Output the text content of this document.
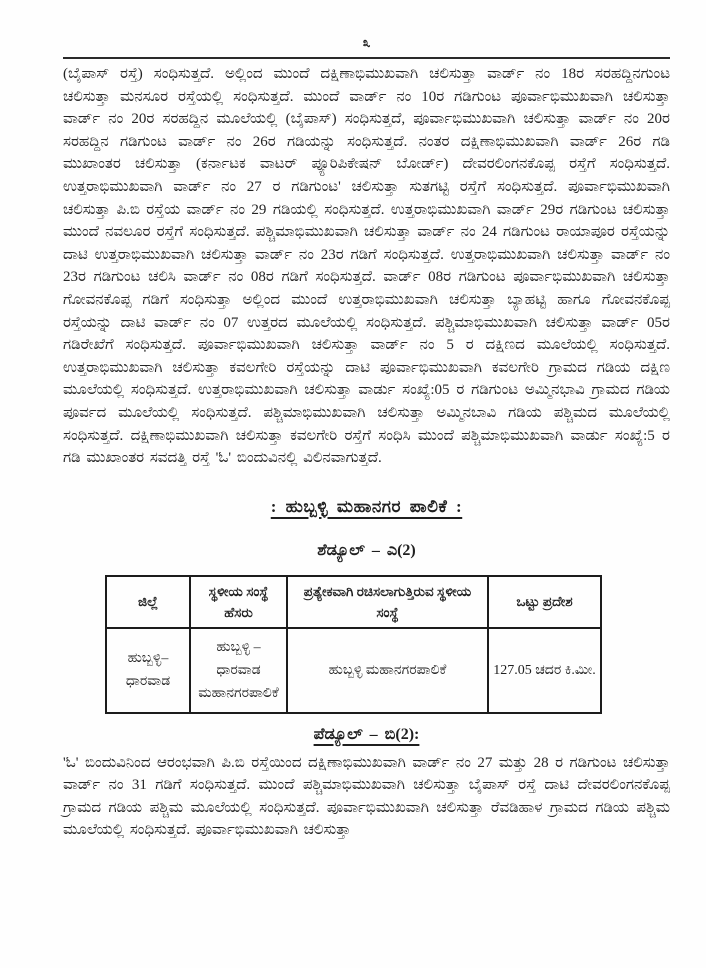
೩

(ಬೈಪಾಸ್ ರಸ್ತೆ) ಸಂಧಿಸುತ್ತದೆ. ಅಲ್ಲಿಂದ ಮುಂದೆ ದಕ್ಷಿಣಾಭಿಮುಖವಾಗಿ ಚಲಿಸುತ್ತಾ ವಾರ್ಡ್ ನಂ 18ರ ಸರಹದ್ದಿನಗುಂಟ ಚಲಿಸುತ್ತಾ ಮನಸೂರ ರಸ್ತೆಯಲ್ಲಿ ಸಂಧಿಸುತ್ತದೆ. ಮುಂದೆ ವಾರ್ಡ್ ನಂ 10ರ ಗಡಿಗುಂಟ ಪೂರ್ವಾಭಿಮುಖವಾಗಿ ಚಲಿಸುತ್ತಾ ವಾರ್ಡ್ ನಂ 20ರ ಸರಹದ್ದಿನ ಮೂಲೆಯಲ್ಲಿ (ಬೈಪಾಸ್) ಸಂಧಿಸುತ್ತದೆ, ಪೂರ್ವಾಭಿಮುಖವಾಗಿ ಚಲಿಸುತ್ತಾ ವಾರ್ಡ್ ನಂ 20ರ ಸರಹದ್ದಿನ ಗಡಿಗುಂಟ ವಾರ್ಡ್ ನಂ 26ರ ಗಡಿಯನ್ನು ಸಂಧಿಸುತ್ತದೆ. ನಂತರ ದಕ್ಷಿಣಾಭಿಮುಖವಾಗಿ ವಾರ್ಡ್ 26ರ ಗಡಿ ಮುಖಾಂತರ ಚಲಿಸುತ್ತಾ (ಕರ್ನಾಟಕ ವಾಟರ್ ಪ್ಯೂರಿಪಿಕೇಷನ್ ಬೋರ್ಡ್) ದೇವರಲಿಂಗನಕೊಪ್ಪ ರಸ್ತೆಗೆ ಸಂಧಿಸುತ್ತದೆ. ಉತ್ತರಾಭಿಮುಖವಾಗಿ ವಾರ್ಡ್ ನಂ 27 ರ ಗಡಿಗುಂಟ' ಚಲಿಸುತ್ತಾ ಸುತಗಟ್ಟಿ ರಸ್ತೆಗೆ ಸಂಧಿಸುತ್ತದೆ. ಪೂರ್ವಾಭಿಮುಖವಾಗಿ ಚಲಿಸುತ್ತಾ ಪಿ.ಬಿ ರಸ್ತೆಯ ವಾರ್ಡ್ ನಂ 29 ಗಡಿಯಲ್ಲಿ ಸಂಧಿಸುತ್ತದೆ. ಉತ್ತರಾಭಿಮುಖವಾಗಿ ವಾರ್ಡ್ 29ರ ಗಡಿಗುಂಟ ಚಲಿಸುತ್ತಾ ಮುಂದೆ ನವಲೂರ ರಸ್ತೆಗೆ ಸಂಧಿಸುತ್ತದೆ. ಪಶ್ಚಿಮಾಭಿಮುಖವಾಗಿ ಚಲಿಸುತ್ತಾ ವಾರ್ಡ್ ನಂ 24 ಗಡಿಗುಂಟ ರಾಯಾಪೂರ ರಸ್ತೆಯನ್ನು ದಾಟಿ ಉತ್ತರಾಭಿಮುಖವಾಗಿ ಚಲಿಸುತ್ತಾ ವಾರ್ಡ್ ನಂ 23ರ ಗಡಿಗೆ ಸಂಧಿಸುತ್ತದೆ. ಉತ್ತರಾಭಿಮುಖವಾಗಿ ಚಲಿಸುತ್ತಾ ವಾರ್ಡ್ ನಂ 23ರ ಗಡಿಗುಂಟ ಚಲಿಸಿ ವಾರ್ಡ್ ನಂ 08ರ ಗಡಿಗೆ ಸಂಧಿಸುತ್ತದೆ. ವಾರ್ಡ್ 08ರ ಗಡಿಗುಂಟ ಪೂರ್ವಾಭಿಮುಖವಾಗಿ ಚಲಿಸುತ್ತಾ ಗೋವನಕೊಪ್ಪ ಗಡಿಗೆ ಸಂಧಿಸುತ್ತಾ ಅಲ್ಲಿಂದ ಮುಂದೆ ಉತ್ತರಾಭಿಮುಖವಾಗಿ ಚಲಿಸುತ್ತಾ ಬ್ಯಾಹಟ್ಟಿ ಹಾಗೂ ಗೋವನಕೊಪ್ಪ ರಸ್ತೆಯನ್ನು ದಾಟಿ ವಾರ್ಡ್ ನಂ 07 ಉತ್ತರದ ಮೂಲೆಯಲ್ಲಿ ಸಂಧಿಸುತ್ತದೆ. ಪಶ್ಚಿಮಾಭಿಮುಖವಾಗಿ ಚಲಿಸುತ್ತಾ ವಾರ್ಡ್ 05ರ ಗಡಿರೇಖೆಗೆ ಸಂಧಿಸುತ್ತದೆ. ಪೂರ್ವಾಭಿಮುಖವಾಗಿ ಚಲಿಸುತ್ತಾ ವಾರ್ಡ್ ನಂ 5 ರ ದಕ್ಷಿಣದ ಮೂಲೆಯಲ್ಲಿ ಸಂಧಿಸುತ್ತದೆ. ಉತ್ತರಾಭಿಮುಖವಾಗಿ ಚಲಿಸುತ್ತಾ ಕವಲಗೇರಿ ರಸ್ತೆಯನ್ನು ದಾಟಿ ಪೂರ್ವಾಭಿಮುಖವಾಗಿ ಕವಲಗೇರಿ ಗ್ರಾಮದ ಗಡಿಯ ದಕ್ಷಿಣ ಮೂಲೆಯಲ್ಲಿ ಸಂಧಿಸುತ್ತದೆ. ಉತ್ತರಾಭಿಮುಖವಾಗಿ ಚಲಿಸುತ್ತಾ ವಾರ್ಡು ಸಂಖ್ಯೆ:05 ರ ಗಡಿಗುಂಟ ಅಮ್ಮಿನಭಾವಿ ಗ್ರಾಮದ ಗಡಿಯ ಪೂರ್ವದ ಮೂಲೆಯಲ್ಲಿ ಸಂಧಿಸುತ್ತದೆ. ಪಶ್ಚಿಮಾಭಿಮುಖವಾಗಿ ಚಲಿಸುತ್ತಾ ಅಮ್ಮಿನಬಾವಿ ಗಡಿಯ ಪಶ್ಚಿಮದ ಮೂಲೆಯಲ್ಲಿ ಸಂಧಿಸುತ್ತದೆ. ದಕ್ಷಿಣಾಭಿಮುಖವಾಗಿ ಚಲಿಸುತ್ತಾ ಕವಲಗೇರಿ ರಸ್ತೆಗೆ ಸಂಧಿಸಿ ಮುಂದೆ ಪಶ್ಚಿಮಾಭಿಮುಖವಾಗಿ ವಾರ್ಡು ಸಂಖ್ಯೆ:5 ರ ಗಡಿ ಮುಖಾಂತರ ಸವದತ್ತಿ ರಸ್ತೆ 'ಓ' ಬಿಂದುವಿನಲ್ಲಿ ವಿಲಿನವಾಗುತ್ತದೆ.

: ಹುಬ್ಬಳ್ಳಿ ಮಹಾನಗರ ಪಾಲಿಕೆ :
ಶೆಡ್ಯೂಲ್ – ಎ(2)
ಜಿಲ್ಲೆ	ಸ್ಥಳೀಯ ಸಂಸ್ಥೆ ಹೆಸರು	ಪ್ರತ್ಯೇಕವಾಗಿ ರಚಿಸಲಾಗುತ್ತಿರುವ ಸ್ಥಳೀಯ ಸಂಸ್ಥೆ	ಒಟ್ಟು ಪ್ರದೇಶ
ಹುಬ್ಬಳ್ಳಿ– ಧಾರವಾಡ	ಹುಬ್ಬಳ್ಳಿ – ಧಾರವಾಡ ಮಹಾನಗರಪಾಲಿಕೆ	ಹುಬ್ಬಳ್ಳಿ ಮಹಾನಗರಪಾಲಿಕೆ	127.05 ಚದರ ಕಿ.ಮೀ.
ಪೆಡ್ಯೂಲ್ – ಬಿ(2):

'ಓ' ಬಿಂದುವಿನಿಂದ ಆರಂಭವಾಗಿ ಪಿ.ಬಿ ರಸ್ತೆಯಿಂದ ದಕ್ಷಿಣಾಭಿಮುಖವಾಗಿ ವಾರ್ಡ್ ನಂ 27 ಮತ್ತು 28 ರ ಗಡಿಗುಂಟ ಚಲಿಸುತ್ತಾ ವಾರ್ಡ್ ನಂ 31 ಗಡಿಗೆ ಸಂಧಿಸುತ್ತದೆ. ಮುಂದೆ ಪಶ್ಚಿಮಾಭಿಮುಖವಾಗಿ ಚಲಿಸುತ್ತಾ ಬೈಪಾಸ್ ರಸ್ತೆ ದಾಟಿ ದೇವರಲಿಂಗನಕೊಪ್ಪ ಗ್ರಾಮದ ಗಡಿಯ ಪಶ್ಚಿಮ ಮೂಲೆಯಲ್ಲಿ ಸಂಧಿಸುತ್ತದೆ. ಪೂರ್ವಾಭಿಮುಖವಾಗಿ ಚಲಿಸುತ್ತಾ ರೆವಡಿಹಾಳ ಗ್ರಾಮದ ಗಡಿಯ ಪಶ್ಚಿಮ ಮೂಲೆಯಲ್ಲಿ ಸಂಧಿಸುತ್ತದೆ. ಪೂರ್ವಾಭಿಮುಖವಾಗಿ ಚಲಿಸುತ್ತಾ
